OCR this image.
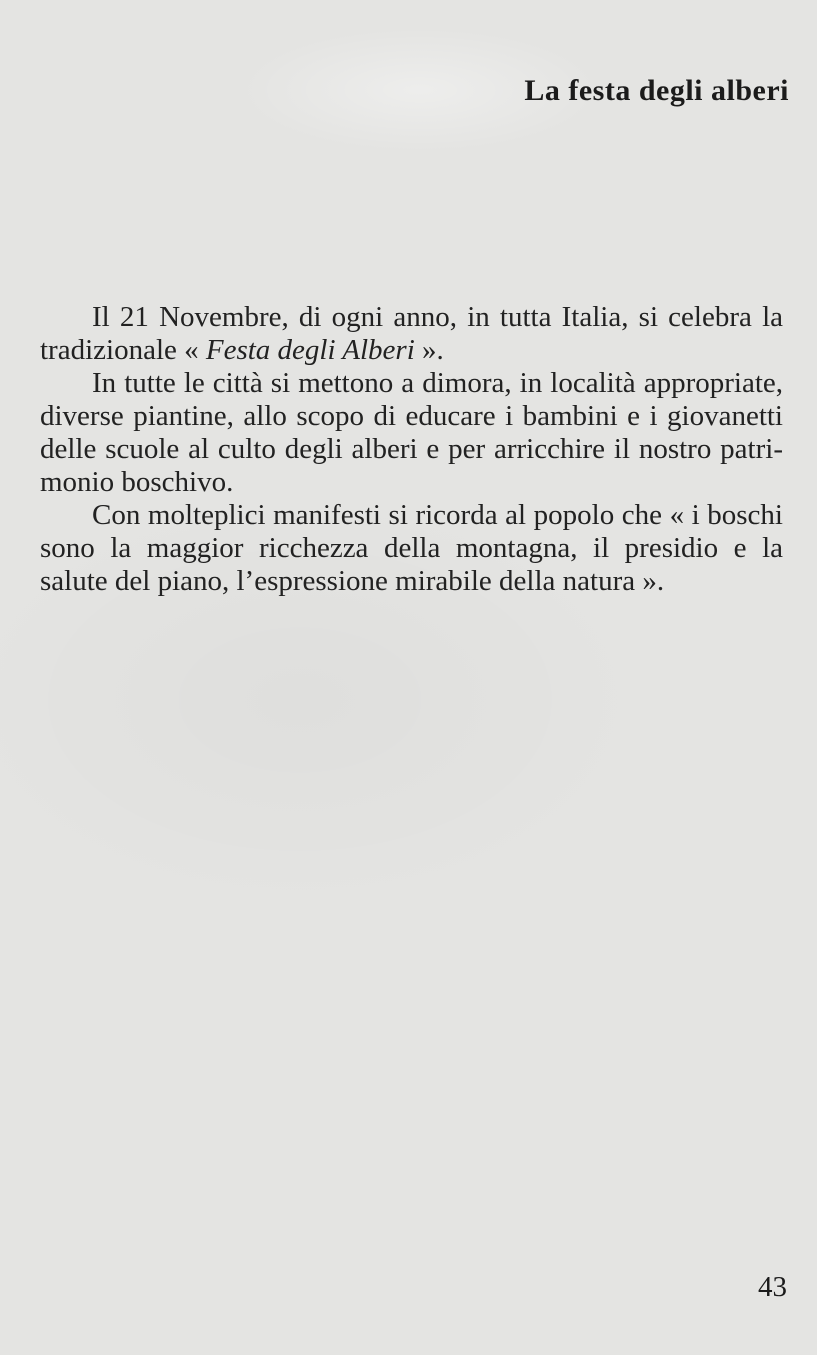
La festa degli alberi

Il 21 Novembre, di ogni anno, in tutta Italia, si celebra la tradizionale « Festa degli Alberi ».

In tutte le città si mettono a dimora, in località appropriate, diverse piantine, allo scopo di educare i bambini e i giovanetti delle scuole al culto degli alberi e per arricchire il nostro patrimonio boschivo.

Con molteplici manifesti si ricorda al popolo che « i boschi sono la maggior ricchezza della montagna, il presidio e la salute del piano, l’espressione mirabile della natura ».

43
